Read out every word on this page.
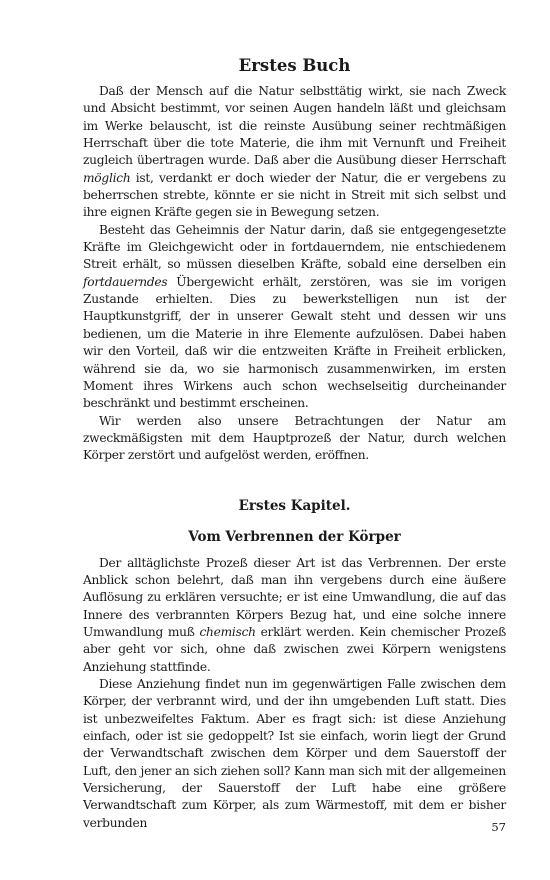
Erstes Buch

Daß der Mensch auf die Natur selbsttätig wirkt, sie nach Zweck und Absicht bestimmt, vor seinen Augen handeln läßt und gleichsam im Werke belauscht, ist die reinste Ausübung seiner rechtmäßigen Herrschaft über die tote Materie, die ihm mit Vernunft und Freiheit zugleich übertragen wurde. Daß aber die Ausübung dieser Herrschaft möglich ist, verdankt er doch wieder der Natur, die er vergebens zu beherrschen strebte, könnte er sie nicht in Streit mit sich selbst und ihre eignen Kräfte gegen sie in Bewegung setzen.

Besteht das Geheimnis der Natur darin, daß sie entgegengesetzte Kräfte im Gleichgewicht oder in fortdauerndem, nie entschiedenem Streit erhält, so müssen dieselben Kräfte, sobald eine derselben ein fortdauerndes Übergewicht erhält, zerstören, was sie im vorigen Zustande erhielten. Dies zu bewerkstelligen nun ist der Hauptkunstgriff, der in unserer Gewalt steht und dessen wir uns bedienen, um die Materie in ihre Elemente aufzulösen. Dabei haben wir den Vorteil, daß wir die entzweiten Kräfte in Freiheit erblicken, während sie da, wo sie harmonisch zusammenwirken, im ersten Moment ihres Wirkens auch schon wechselseitig durcheinander beschränkt und bestimmt erscheinen.

Wir werden also unsere Betrachtungen der Natur am zweckmäßigsten mit dem Hauptprozeß der Natur, durch welchen Körper zerstört und aufgelöst werden, eröffnen.

Erstes Kapitel.
Vom Verbrennen der Körper

Der alltäglichste Prozeß dieser Art ist das Verbrennen. Der erste Anblick schon belehrt, daß man ihn vergebens durch eine äußere Auflösung zu erklären versuchte; er ist eine Umwandlung, die auf das Innere des verbrannten Körpers Bezug hat, und eine solche innere Umwandlung muß chemisch erklärt werden. Kein chemischer Prozeß aber geht vor sich, ohne daß zwischen zwei Körpern wenigstens Anziehung stattfinde.

Diese Anziehung findet nun im gegenwärtigen Falle zwischen dem Körper, der verbrannt wird, und der ihn umgebenden Luft statt. Dies ist unbezweifeltes Faktum. Aber es fragt sich: ist diese Anziehung einfach, oder ist sie gedoppelt? Ist sie einfach, worin liegt der Grund der Verwandtschaft zwischen dem Körper und dem Sauerstoff der Luft, den jener an sich ziehen soll? Kann man sich mit der allgemeinen Versicherung, der Sauerstoff der Luft habe eine größere Verwandtschaft zum Körper, als zum Wärmestoff, mit dem er bisher verbunden	57
